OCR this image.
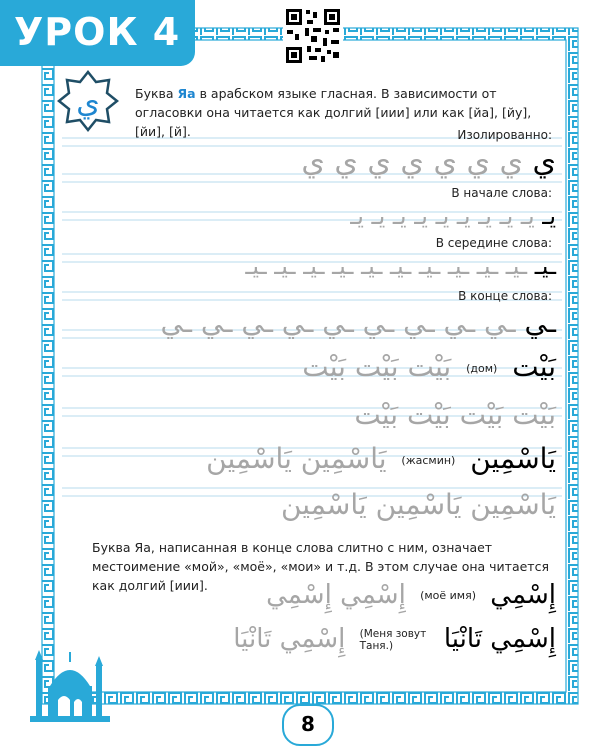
УРОК 4
ي	Буква Яа в арабском языке гласная. В зависимости от огласовки она читается как долгий [иии] или как [йа], [йу], [йи], [й].	Изолированно:
В начале слова:
В середине слова:
В конце слова:
ي ي ي ي ي ي ي ي
يـ يـ يـ يـ يـ يـ يـ يـ يـ يـ
ـيـ ـيـ ـيـ ـيـ ـيـ ـيـ ـيـ ـيـ ـيـ ـيـ ـيـ
ـي ـي ـي ـي ـي ـي ـي ـي ـي ـي
بَيْت (дом) بَيْت بَيْت بَيْت
بَيْت بَيْت بَيْت بَيْت
يَاسْمِين (жасмин) يَاسْمِين يَاسْمِين
يَاسْمِين يَاسْمِين يَاسْمِين
Буква Яа, написанная в конце слова слитно с ним, означает местоимение «мой», «моё», «мои» и т.д. В этом случае она читается как долгий [иии].	إِسْمِي (моё имя) إِسْمِي إِسْمِي
إِسْمِي تَانْيَا (Меня зовут Таня.) إِسْمِي تَانْيَا
8
